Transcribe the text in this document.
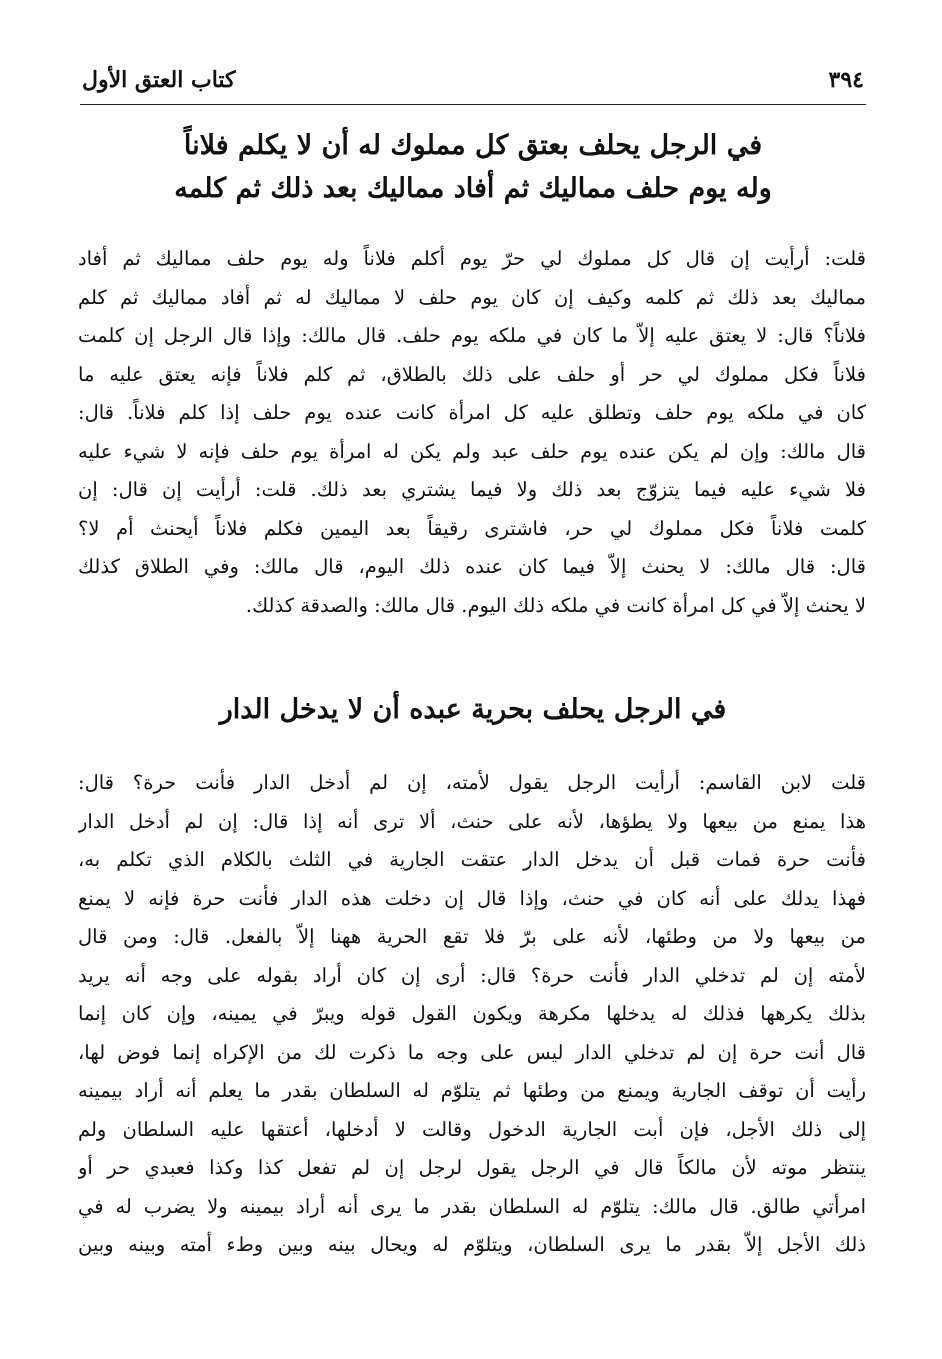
٣٩٤
كتاب العتق الأول
في الرجل يحلف بعتق كل مملوك له أن لا يكلم فلاناً
وله يوم حلف مماليك ثم أفاد مماليك بعد ذلك ثم كلمه
قلت: أرأيت إن قال كل مملوك لي حرّ يوم أكلم فلاناً وله يوم حلف مماليك ثم أفاد
مماليك بعد ذلك ثم كلمه وكيف إن كان يوم حلف لا مماليك له ثم أفاد مماليك ثم كلم
فلاناً؟ قال: لا يعتق عليه إلاّ ما كان في ملكه يوم حلف. قال مالك: وإذا قال الرجل إن كلمت
فلاناً فكل مملوك لي حر أو حلف على ذلك بالطلاق، ثم كلم فلاناً فإنه يعتق عليه ما
كان في ملكه يوم حلف وتطلق عليه كل امرأة كانت عنده يوم حلف إذا كلم فلاناً. قال:
قال مالك: وإن لم يكن عنده يوم حلف عبد ولم يكن له امرأة يوم حلف فإنه لا شيء عليه
فلا شيء عليه فيما يتزوّج بعد ذلك ولا فيما يشتري بعد ذلك. قلت: أرأيت إن قال: إن
كلمت فلاناً فكل مملوك لي حر، فاشترى رقيقاً بعد اليمين فكلم فلاناً أيحنث أم لا؟
قال: قال مالك: لا يحنث إلاّ فيما كان عنده ذلك اليوم، قال مالك: وفي الطلاق كذلك
لا يحنث إلاّ في كل امرأة كانت في ملكه ذلك اليوم. قال مالك: والصدقة كذلك.
في الرجل يحلف بحرية عبده أن لا يدخل الدار
قلت لابن القاسم: أرأيت الرجل يقول لأمته، إن لم أدخل الدار فأنت حرة؟ قال:
هذا يمنع من بيعها ولا يطؤها، لأنه على حنث، ألا ترى أنه إذا قال: إن لم أدخل الدار
فأنت حرة فمات قبل أن يدخل الدار عتقت الجارية في الثلث بالكلام الذي تكلم به،
فهذا يدلك على أنه كان في حنث، وإذا قال إن دخلت هذه الدار فأنت حرة فإنه لا يمنع
من بيعها ولا من وطئها، لأنه على برّ فلا تقع الحرية ههنا إلاّ بالفعل. قال: ومن قال
لأمته إن لم تدخلي الدار فأنت حرة؟ قال: أرى إن كان أراد بقوله على وجه أنه يريد
بذلك يكرهها فذلك له يدخلها مكرهة ويكون القول قوله ويبرّ في يمينه، وإن كان إنما
قال أنت حرة إن لم تدخلي الدار ليس على وجه ما ذكرت لك من الإكراه إنما فوض لها،
رأيت أن توقف الجارية ويمنع من وطئها ثم يتلوّم له السلطان بقدر ما يعلم أنه أراد بيمينه
إلى ذلك الأجل، فإن أبت الجارية الدخول وقالت لا أدخلها، أعتقها عليه السلطان ولم
ينتظر موته لأن مالكاً قال في الرجل يقول لرجل إن لم تفعل كذا وكذا فعبدي حر أو
امرأتي طالق. قال مالك: يتلوّم له السلطان بقدر ما يرى أنه أراد بيمينه ولا يضرب له في
ذلك الأجل إلاّ بقدر ما يرى السلطان، ويتلوّم له ويحال بينه وبين وطء أمته وبينه وبين
